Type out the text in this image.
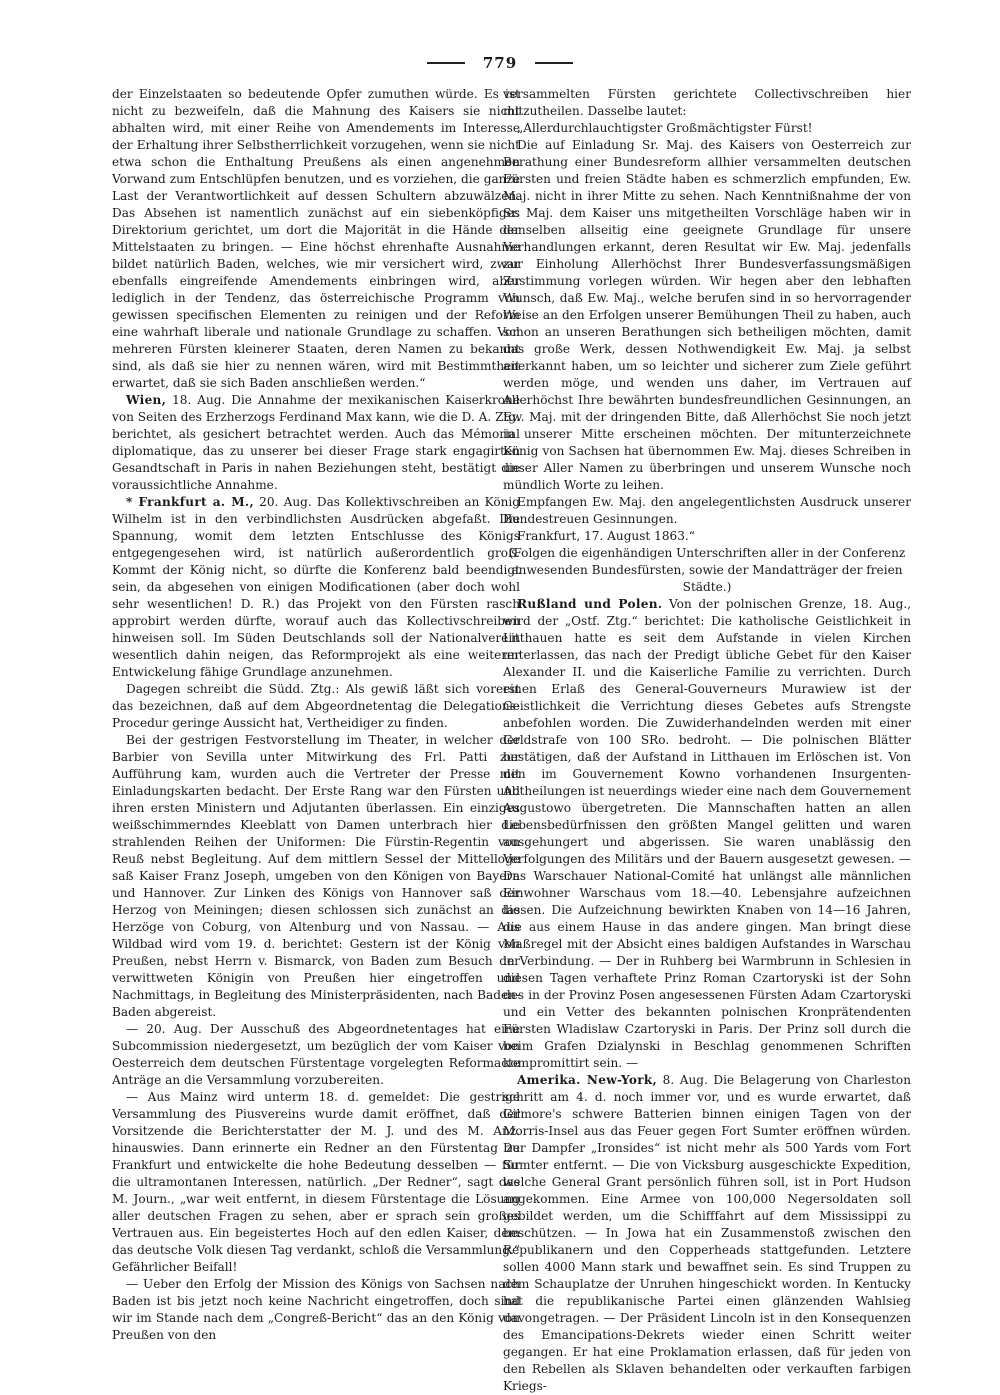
779

der Einzelstaaten so bedeutende Opfer zumuthen würde. Es ist nicht zu bezweifeln, daß die Mahnung des Kaisers sie nicht abhalten wird, mit einer Reihe von Amendements im Interesse der Erhaltung ihrer Selbstherrlichkeit vorzugehen, wenn sie nicht etwa schon die Enthaltung Preußens als einen angenehmen Vorwand zum Entschlüpfen benutzen, und es vorziehen, die ganze Last der Verantwortlichkeit auf dessen Schultern abzuwälzen. Das Absehen ist namentlich zunächst auf ein siebenköpfiges Direktorium gerichtet, um dort die Majorität in die Hände der Mittelstaaten zu bringen. — Eine höchst ehrenhafte Ausnahme bildet natürlich Baden, welches, wie mir versichert wird, zwar ebenfalls eingreifende Amendements einbringen wird, aber lediglich in der Tendenz, das österreichische Programm von gewissen specifischen Elementen zu reinigen und der Reform eine wahrhaft liberale und nationale Grundlage zu schaffen. Von mehreren Fürsten kleinerer Staaten, deren Namen zu bekannt sind, als daß sie hier zu nennen wären, wird mit Bestimmtheit erwartet, daß sie sich Baden anschließen werden.“

Wien, 18. Aug. Die Annahme der mexikanischen Kaiserkrone von Seiten des Erzherzogs Ferdinand Max kann, wie die D. A. Ztg. berichtet, als gesichert betrachtet werden. Auch das Mémorial diplomatique, das zu unserer bei dieser Frage stark engagirten Gesandtschaft in Paris in nahen Beziehungen steht, bestätigt die voraussichtliche Annahme.

* Frankfurt a. M., 20. Aug. Das Kollektivschreiben an König Wilhelm ist in den verbindlichsten Ausdrücken abgefaßt. Die Spannung, womit dem letzten Entschlusse des Königs entgegengesehen wird, ist natürlich außerordentlich groß. Kommt der König nicht, so dürfte die Konferenz bald beendigt sein, da abgesehen von einigen Modificationen (aber doch wohl sehr wesentlichen! D. R.) das Projekt von den Fürsten rasch approbirt werden dürfte, worauf auch das Kollectivschreiben hinweisen soll. Im Süden Deutschlands soll der Nationalverein wesentlich dahin neigen, das Reformprojekt als eine weiterer Entwickelung fähige Grundlage anzunehmen.

Dagegen schreibt die Südd. Ztg.: Als gewiß läßt sich vorerst das bezeichnen, daß auf dem Abgeordnetentag die Delegations-Procedur geringe Aussicht hat, Vertheidiger zu finden.

Bei der gestrigen Festvorstellung im Theater, in welcher der Barbier von Sevilla unter Mitwirkung des Frl. Patti zur Aufführung kam, wurden auch die Vertreter der Presse mit Einladungskarten bedacht. Der Erste Rang war den Fürsten und ihren ersten Ministern und Adjutanten überlassen. Ein einziges weißschimmerndes Kleeblatt von Damen unterbrach hier die strahlenden Reihen der Uniformen: Die Fürstin-Regentin von Reuß nebst Begleitung. Auf dem mittlern Sessel der Mittelloge saß Kaiser Franz Joseph, umgeben von den Königen von Bayern und Hannover. Zur Linken des Königs von Hannover saß der Herzog von Meiningen; diesen schlossen sich zunächst an die Herzöge von Coburg, von Altenburg und von Nassau. — Aus Wildbad wird vom 19. d. berichtet: Gestern ist der König von Preußen, nebst Herrn v. Bismarck, von Baden zum Besuch der verwittweten Königin von Preußen hier eingetroffen und Nachmittags, in Begleitung des Ministerpräsidenten, nach Baden-Baden abgereist.

— 20. Aug. Der Ausschuß des Abgeordnetentages hat eine Subcommission niedergesetzt, um bezüglich der vom Kaiser von Oesterreich dem deutschen Fürstentage vorgelegten Reformacte Anträge an die Versammlung vorzubereiten.

— Aus Mainz wird unterm 18. d. gemeldet: Die gestrige Versammlung des Piusvereins wurde damit eröffnet, daß der Vorsitzende die Berichterstatter der M. J. und des M. Anz. hinauswies. Dann erinnerte ein Redner an den Fürstentag zu Frankfurt und entwickelte die hohe Bedeutung desselben — für die ultramontanen Interessen, natürlich. „Der Redner“, sagt das M. Journ., „war weit entfernt, in diesem Fürstentage die Lösung aller deutschen Fragen zu sehen, aber er sprach sein großes Vertrauen aus. Ein begeistertes Hoch auf den edlen Kaiser, dem das deutsche Volk diesen Tag verdankt, schloß die Versammlung.“ Gefährlicher Beifall!

— Ueber den Erfolg der Mission des Königs von Sachsen nach Baden ist bis jetzt noch keine Nachricht eingetroffen, doch sind wir im Stande nach dem „Congreß-Bericht“ das an den König von Preußen von den

versammelten Fürsten gerichtete Collectivschreiben hier mitzutheilen. Dasselbe lautet:

„Allerdurchlauchtigster Großmächtigster Fürst!

Die auf Einladung Sr. Maj. des Kaisers von Oesterreich zur Berathung einer Bundesreform allhier versammelten deutschen Fürsten und freien Städte haben es schmerzlich empfunden, Ew. Maj. nicht in ihrer Mitte zu sehen. Nach Kenntnißnahme der von Sr. Maj. dem Kaiser uns mitgetheilten Vorschläge haben wir in denselben allseitig eine geeignete Grundlage für unsere Verhandlungen erkannt, deren Resultat wir Ew. Maj. jedenfalls zur Einholung Allerhöchst Ihrer Bundesverfassungsmäßigen Zustimmung vorlegen würden. Wir hegen aber den lebhaften Wunsch, daß Ew. Maj., welche berufen sind in so hervorragender Weise an den Erfolgen unserer Bemühungen Theil zu haben, auch schon an unseren Berathungen sich betheiligen möchten, damit das große Werk, dessen Nothwendigkeit Ew. Maj. ja selbst anerkannt haben, um so leichter und sicherer zum Ziele geführt werden möge, und wenden uns daher, im Vertrauen auf Allerhöchst Ihre bewährten bundesfreundlichen Gesinnungen, an Ew. Maj. mit der dringenden Bitte, daß Allerhöchst Sie noch jetzt in unserer Mitte erscheinen möchten. Der mitunterzeichnete König von Sachsen hat übernommen Ew. Maj. dieses Schreiben in unser Aller Namen zu überbringen und unserem Wunsche noch mündlich Worte zu leihen.

Empfangen Ew. Maj. den angelegentlichsten Ausdruck unserer Bundestreuen Gesinnungen.

Frankfurt, 17. August 1863.“

(Folgen die eigenhändigen Unterschriften aller in der Conferenz anwesenden Bundesfürsten, sowie der Mandatträger der freien Städte.)

Rußland und Polen. Von der polnischen Grenze, 18. Aug., wird der „Ostf. Ztg.“ berichtet: Die katholische Geistlichkeit in Litthauen hatte es seit dem Aufstande in vielen Kirchen unterlassen, das nach der Predigt übliche Gebet für den Kaiser Alexander II. und die Kaiserliche Familie zu verrichten. Durch einen Erlaß des General-Gouverneurs Murawiew ist der Geistlichkeit die Verrichtung dieses Gebetes aufs Strengste anbefohlen worden. Die Zuwiderhandelnden werden mit einer Geldstrafe von 100 SRo. bedroht. — Die polnischen Blätter bestätigen, daß der Aufstand in Litthauen im Erlöschen ist. Von den im Gouvernement Kowno vorhandenen Insurgenten-Abtheilungen ist neuerdings wieder eine nach dem Gouvernement Augustowo übergetreten. Die Mannschaften hatten an allen Lebensbedürfnissen den größten Mangel gelitten und waren ausgehungert und abgerissen. Sie waren unablässig den Verfolgungen des Militärs und der Bauern ausgesetzt gewesen. — Das Warschauer National-Comité hat unlängst alle männlichen Einwohner Warschaus vom 18.—40. Lebensjahre aufzeichnen lassen. Die Aufzeichnung bewirkten Knaben von 14—16 Jahren, die aus einem Hause in das andere gingen. Man bringt diese Maßregel mit der Absicht eines baldigen Aufstandes in Warschau in Verbindung. — Der in Ruhberg bei Warmbrunn in Schlesien in diesen Tagen verhaftete Prinz Roman Czartoryski ist der Sohn des in der Provinz Posen angesessenen Fürsten Adam Czartoryski und ein Vetter des bekannten polnischen Kronprätendenten Fürsten Wladislaw Czartoryski in Paris. Der Prinz soll durch die beim Grafen Dzialynski in Beschlag genommenen Schriften kompromittirt sein. —

Amerika. New-York, 8. Aug. Die Belagerung von Charleston schritt am 4. d. noch immer vor, und es wurde erwartet, daß Gilmore's schwere Batterien binnen einigen Tagen von der Morris-Insel aus das Feuer gegen Fort Sumter eröffnen würden. Der Dampfer „Ironsides“ ist nicht mehr als 500 Yards vom Fort Sumter entfernt. — Die von Vicksburg ausgeschickte Expedition, welche General Grant persönlich führen soll, ist in Port Hudson angekommen. Eine Armee von 100,000 Negersoldaten soll gebildet werden, um die Schifffahrt auf dem Mississippi zu beschützen. — In Jowa hat ein Zusammenstoß zwischen den Republikanern und den Copperheads stattgefunden. Letztere sollen 4000 Mann stark und bewaffnet sein. Es sind Truppen zu dem Schauplatze der Unruhen hingeschickt worden. In Kentucky hat die republikanische Partei einen glänzenden Wahlsieg davongetragen. — Der Präsident Lincoln ist in den Konsequenzen des Emancipations-Dekrets wieder einen Schritt weiter gegangen. Er hat eine Proklamation erlassen, daß für jeden von den Rebellen als Sklaven behandelten oder verkauften farbigen Kriegs-
